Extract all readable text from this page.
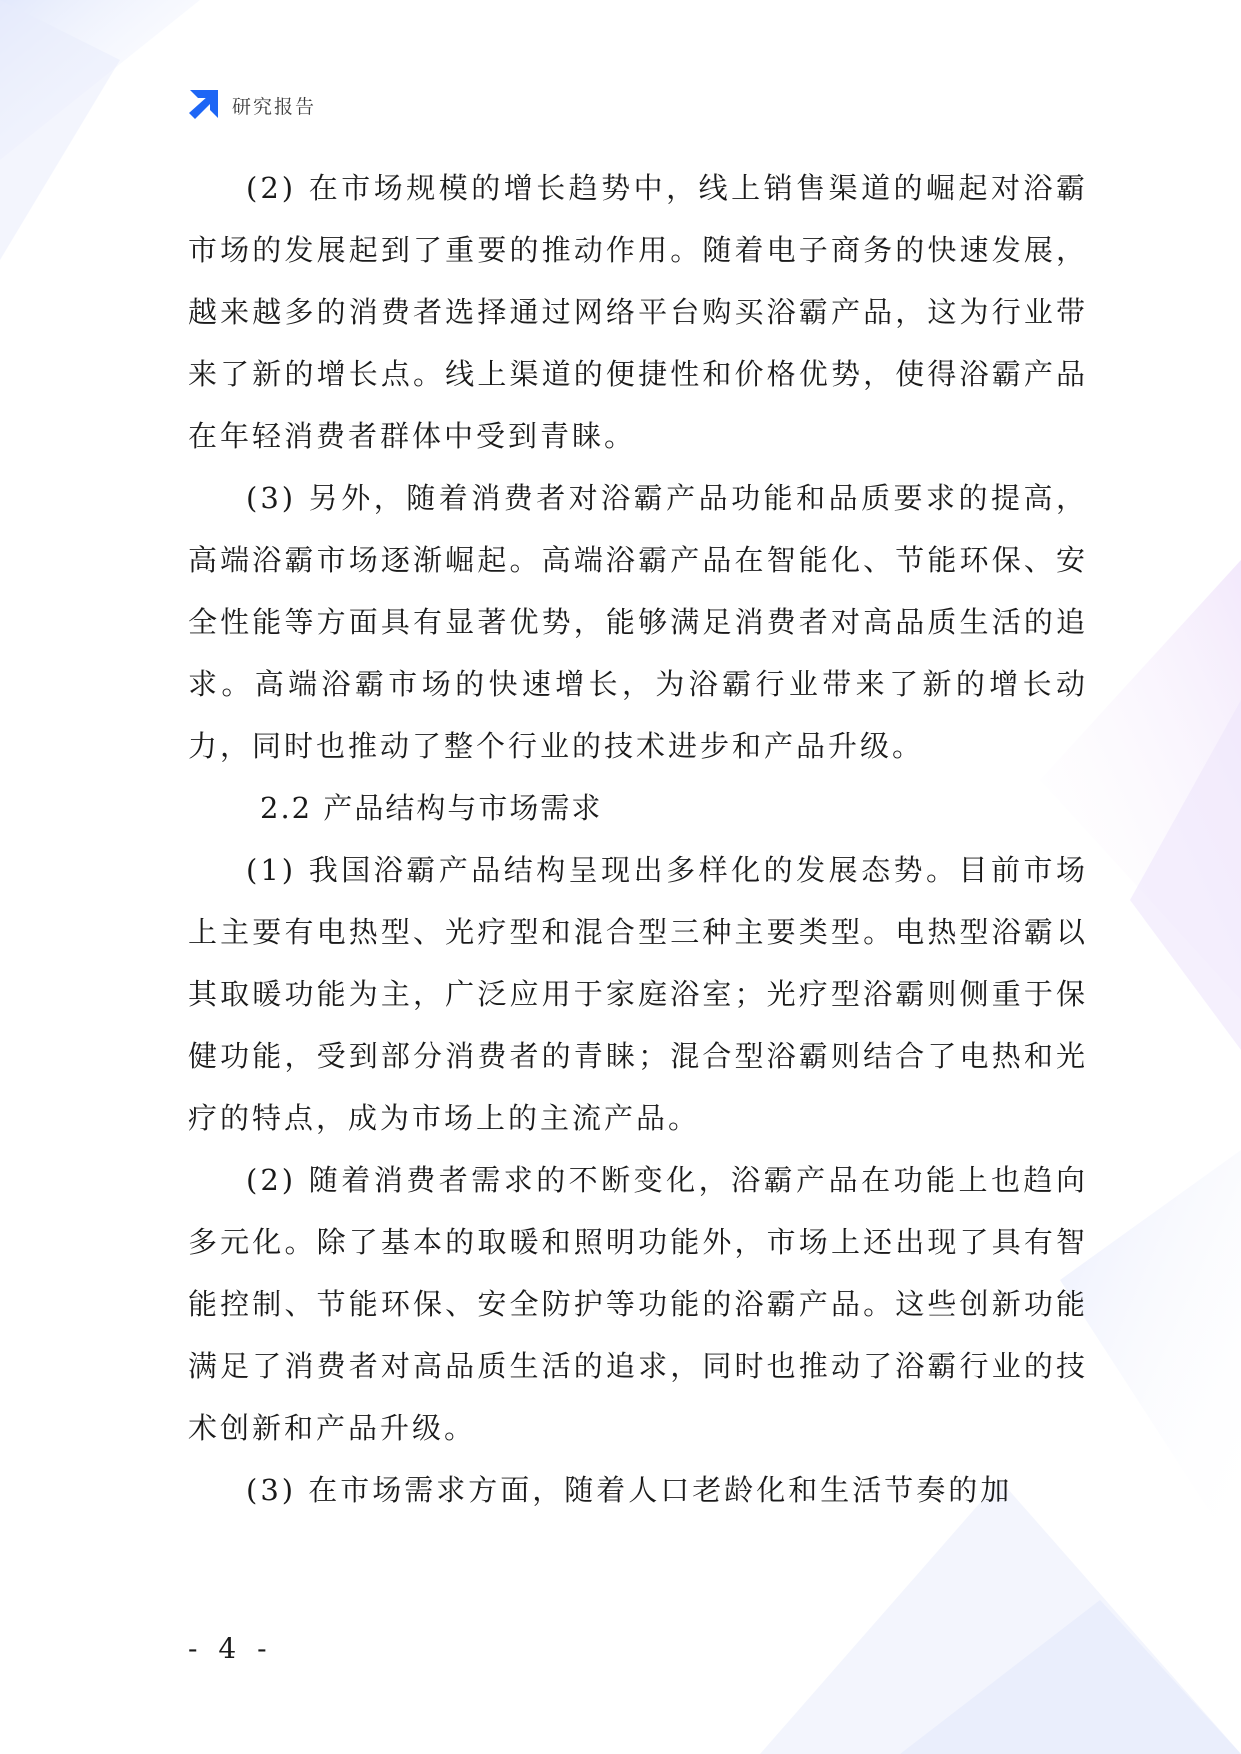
研究报告

(2) 在市场规模的增长趋势中，线上销售渠道的崛起对浴霸市场的发展起到了重要的推动作用。随着电子商务的快速发展，越来越多的消费者选择通过网络平台购买浴霸产品，这为行业带来了新的增长点。线上渠道的便捷性和价格优势，使得浴霸产品在年轻消费者群体中受到青睐。

(3) 另外，随着消费者对浴霸产品功能和品质要求的提高，高端浴霸市场逐渐崛起。高端浴霸产品在智能化、节能环保、安全性能等方面具有显著优势，能够满足消费者对高品质生活的追求。高端浴霸市场的快速增长，为浴霸行业带来了新的增长动力，同时也推动了整个行业的技术进步和产品升级。

2.2 产品结构与市场需求

(1) 我国浴霸产品结构呈现出多样化的发展态势。目前市场上主要有电热型、光疗型和混合型三种主要类型。电热型浴霸以其取暖功能为主，广泛应用于家庭浴室；光疗型浴霸则侧重于保健功能，受到部分消费者的青睐；混合型浴霸则结合了电热和光疗的特点，成为市场上的主流产品。

(2) 随着消费者需求的不断变化，浴霸产品在功能上也趋向多元化。除了基本的取暖和照明功能外，市场上还出现了具有智能控制、节能环保、安全防护等功能的浴霸产品。这些创新功能满足了消费者对高品质生活的追求，同时也推动了浴霸行业的技术创新和产品升级。

(3) 在市场需求方面，随着人口老龄化和生活节奏的加

- 4 -
